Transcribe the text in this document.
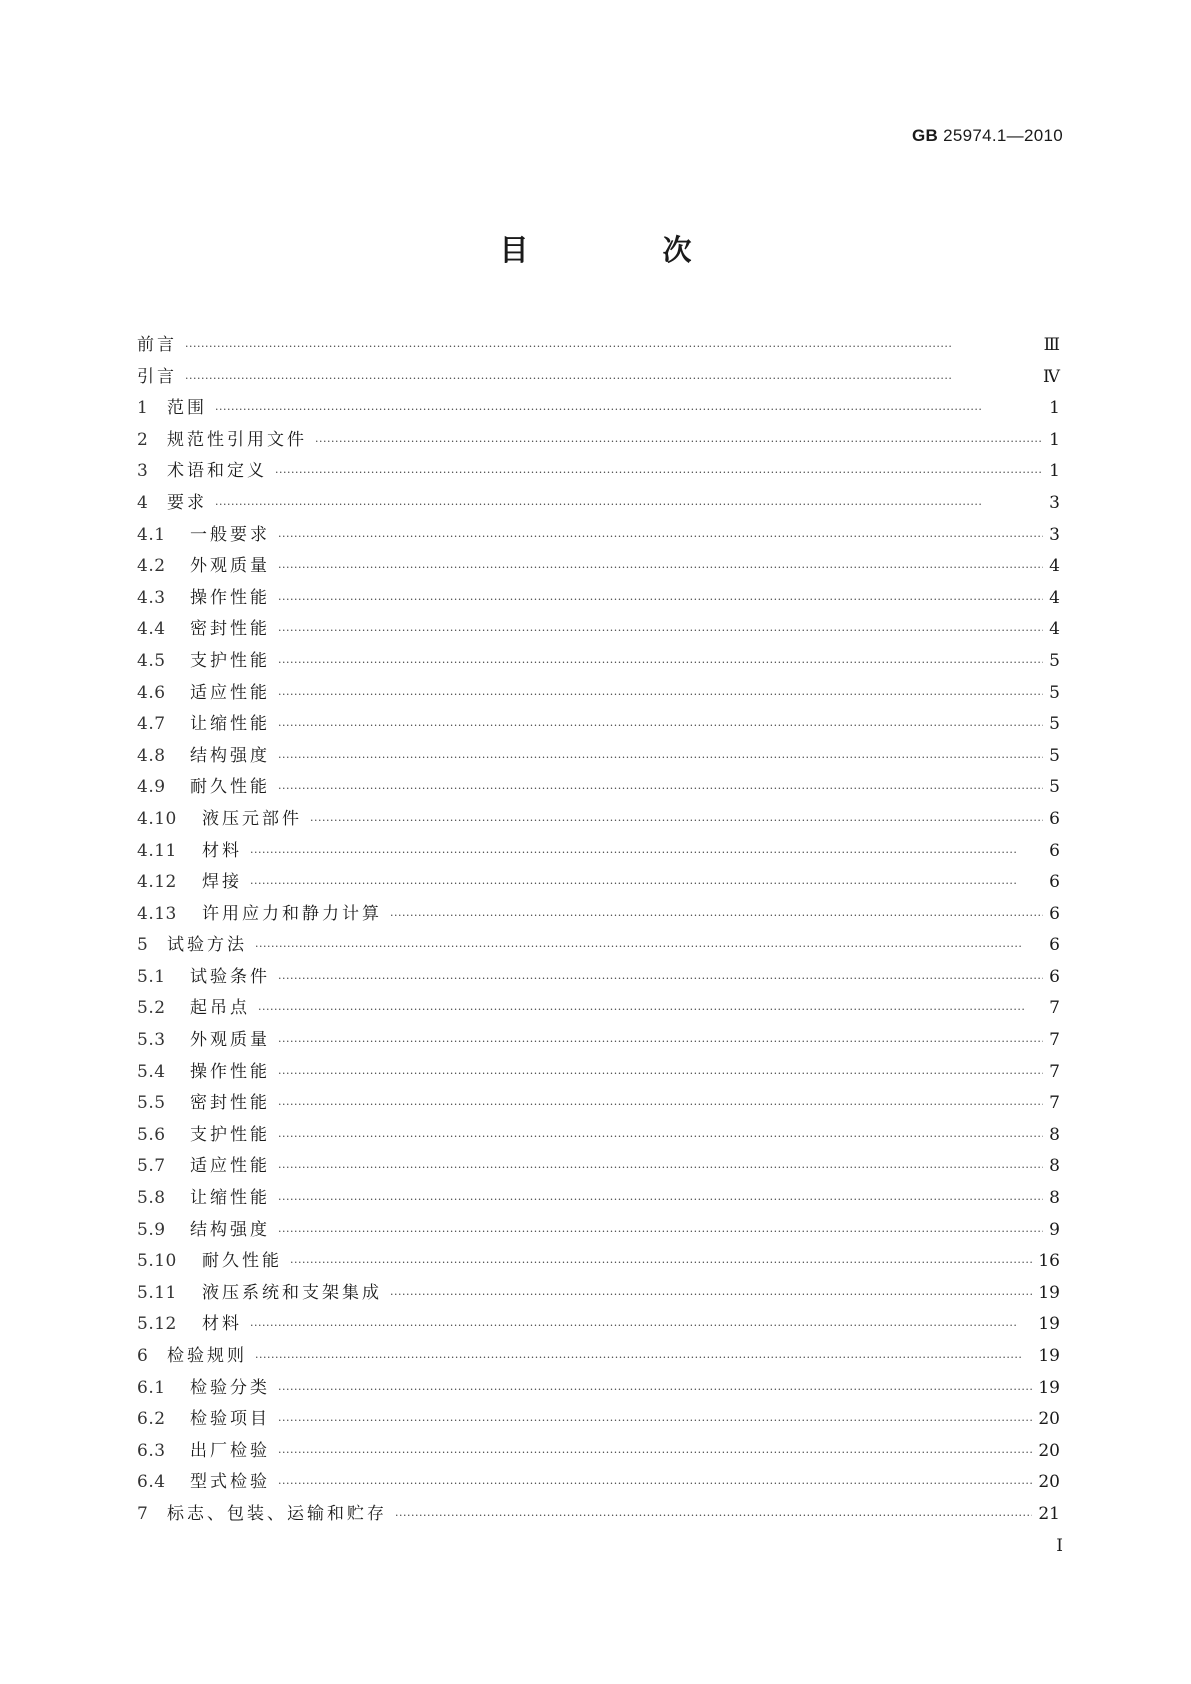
GB 25974.1—2010
目 次
前言 ·····	Ⅲ
引言 ·····	Ⅳ
1	范围 ·····	1
2	规范性引用文件 ·····	1
3	术语和定义 ·····	1
4	要求 ·····	3
4.1	一般要求 ·····	3
4.2	外观质量 ·····	4
4.3	操作性能 ·····	4
4.4	密封性能 ·····	4
4.5	支护性能 ·····	5
4.6	适应性能 ·····	5
4.7	让缩性能 ·····	5
4.8	结构强度 ·····	5
4.9	耐久性能 ·····	5
4.10	液压元部件 ·····	6
4.11	材料 ·····	6
4.12	焊接 ·····	6
4.13	许用应力和静力计算 ·····	6
5	试验方法 ·····	6
5.1	试验条件 ·····	6
5.2	起吊点 ·····	7
5.3	外观质量 ·····	7
5.4	操作性能 ·····	7
5.5	密封性能 ·····	7
5.6	支护性能 ·····	8
5.7	适应性能 ·····	8
5.8	让缩性能 ·····	8
5.9	结构强度 ·····	9
5.10	耐久性能 ·····	16
5.11	液压系统和支架集成 ·····	19
5.12	材料 ·····	19
6	检验规则 ·····	19
6.1	检验分类 ·····	19
6.2	检验项目 ·····	20
6.3	出厂检验 ·····	20
6.4	型式检验 ·····	20
7	标志、包装、运输和贮存 ·····	21
I
